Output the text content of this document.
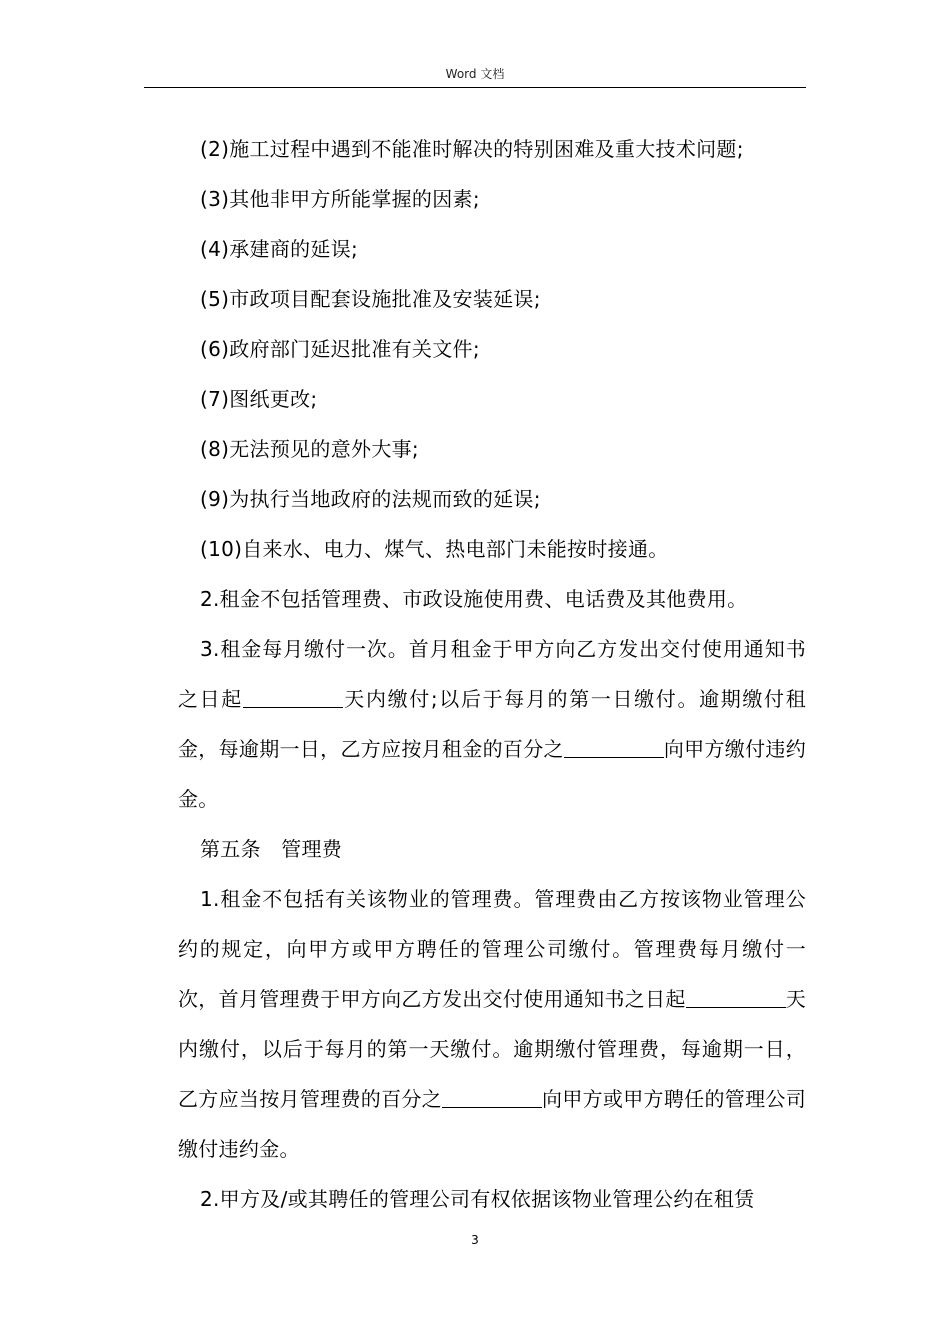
Word 文档

(2)施工过程中遇到不能准时解决的特别困难及重大技术问题;

(3)其他非甲方所能掌握的因素;

(4)承建商的延误;

(5)市政项目配套设施批准及安装延误;

(6)政府部门延迟批准有关文件;

(7)图纸更改;

(8)无法预见的意外大事;

(9)为执行当地政府的法规而致的延误;

(10)自来水、电力、煤气、热电部门未能按时接通。

2.租金不包括管理费、市政设施使用费、电话费及其他费用。

3.租金每月缴付一次。首月租金于甲方向乙方发出交付使用通知书之日起	天内缴付;以后于每月的第一日缴付。逾期缴付租金，每逾期一日，乙方应按月租金的百分之	向甲方缴付违约金。

第五条　管理费

1.租金不包括有关该物业的管理费。管理费由乙方按该物业管理公约的规定，向甲方或甲方聘任的管理公司缴付。管理费每月缴付一次，首月管理费于甲方向乙方发出交付使用通知书之日起	天内缴付，以后于每月的第一天缴付。逾期缴付管理费，每逾期一日，乙方应当按月管理费的百分之	向甲方或甲方聘任的管理公司缴付违约金。

2.甲方及/或其聘任的管理公司有权依据该物业管理公约在租赁

3
